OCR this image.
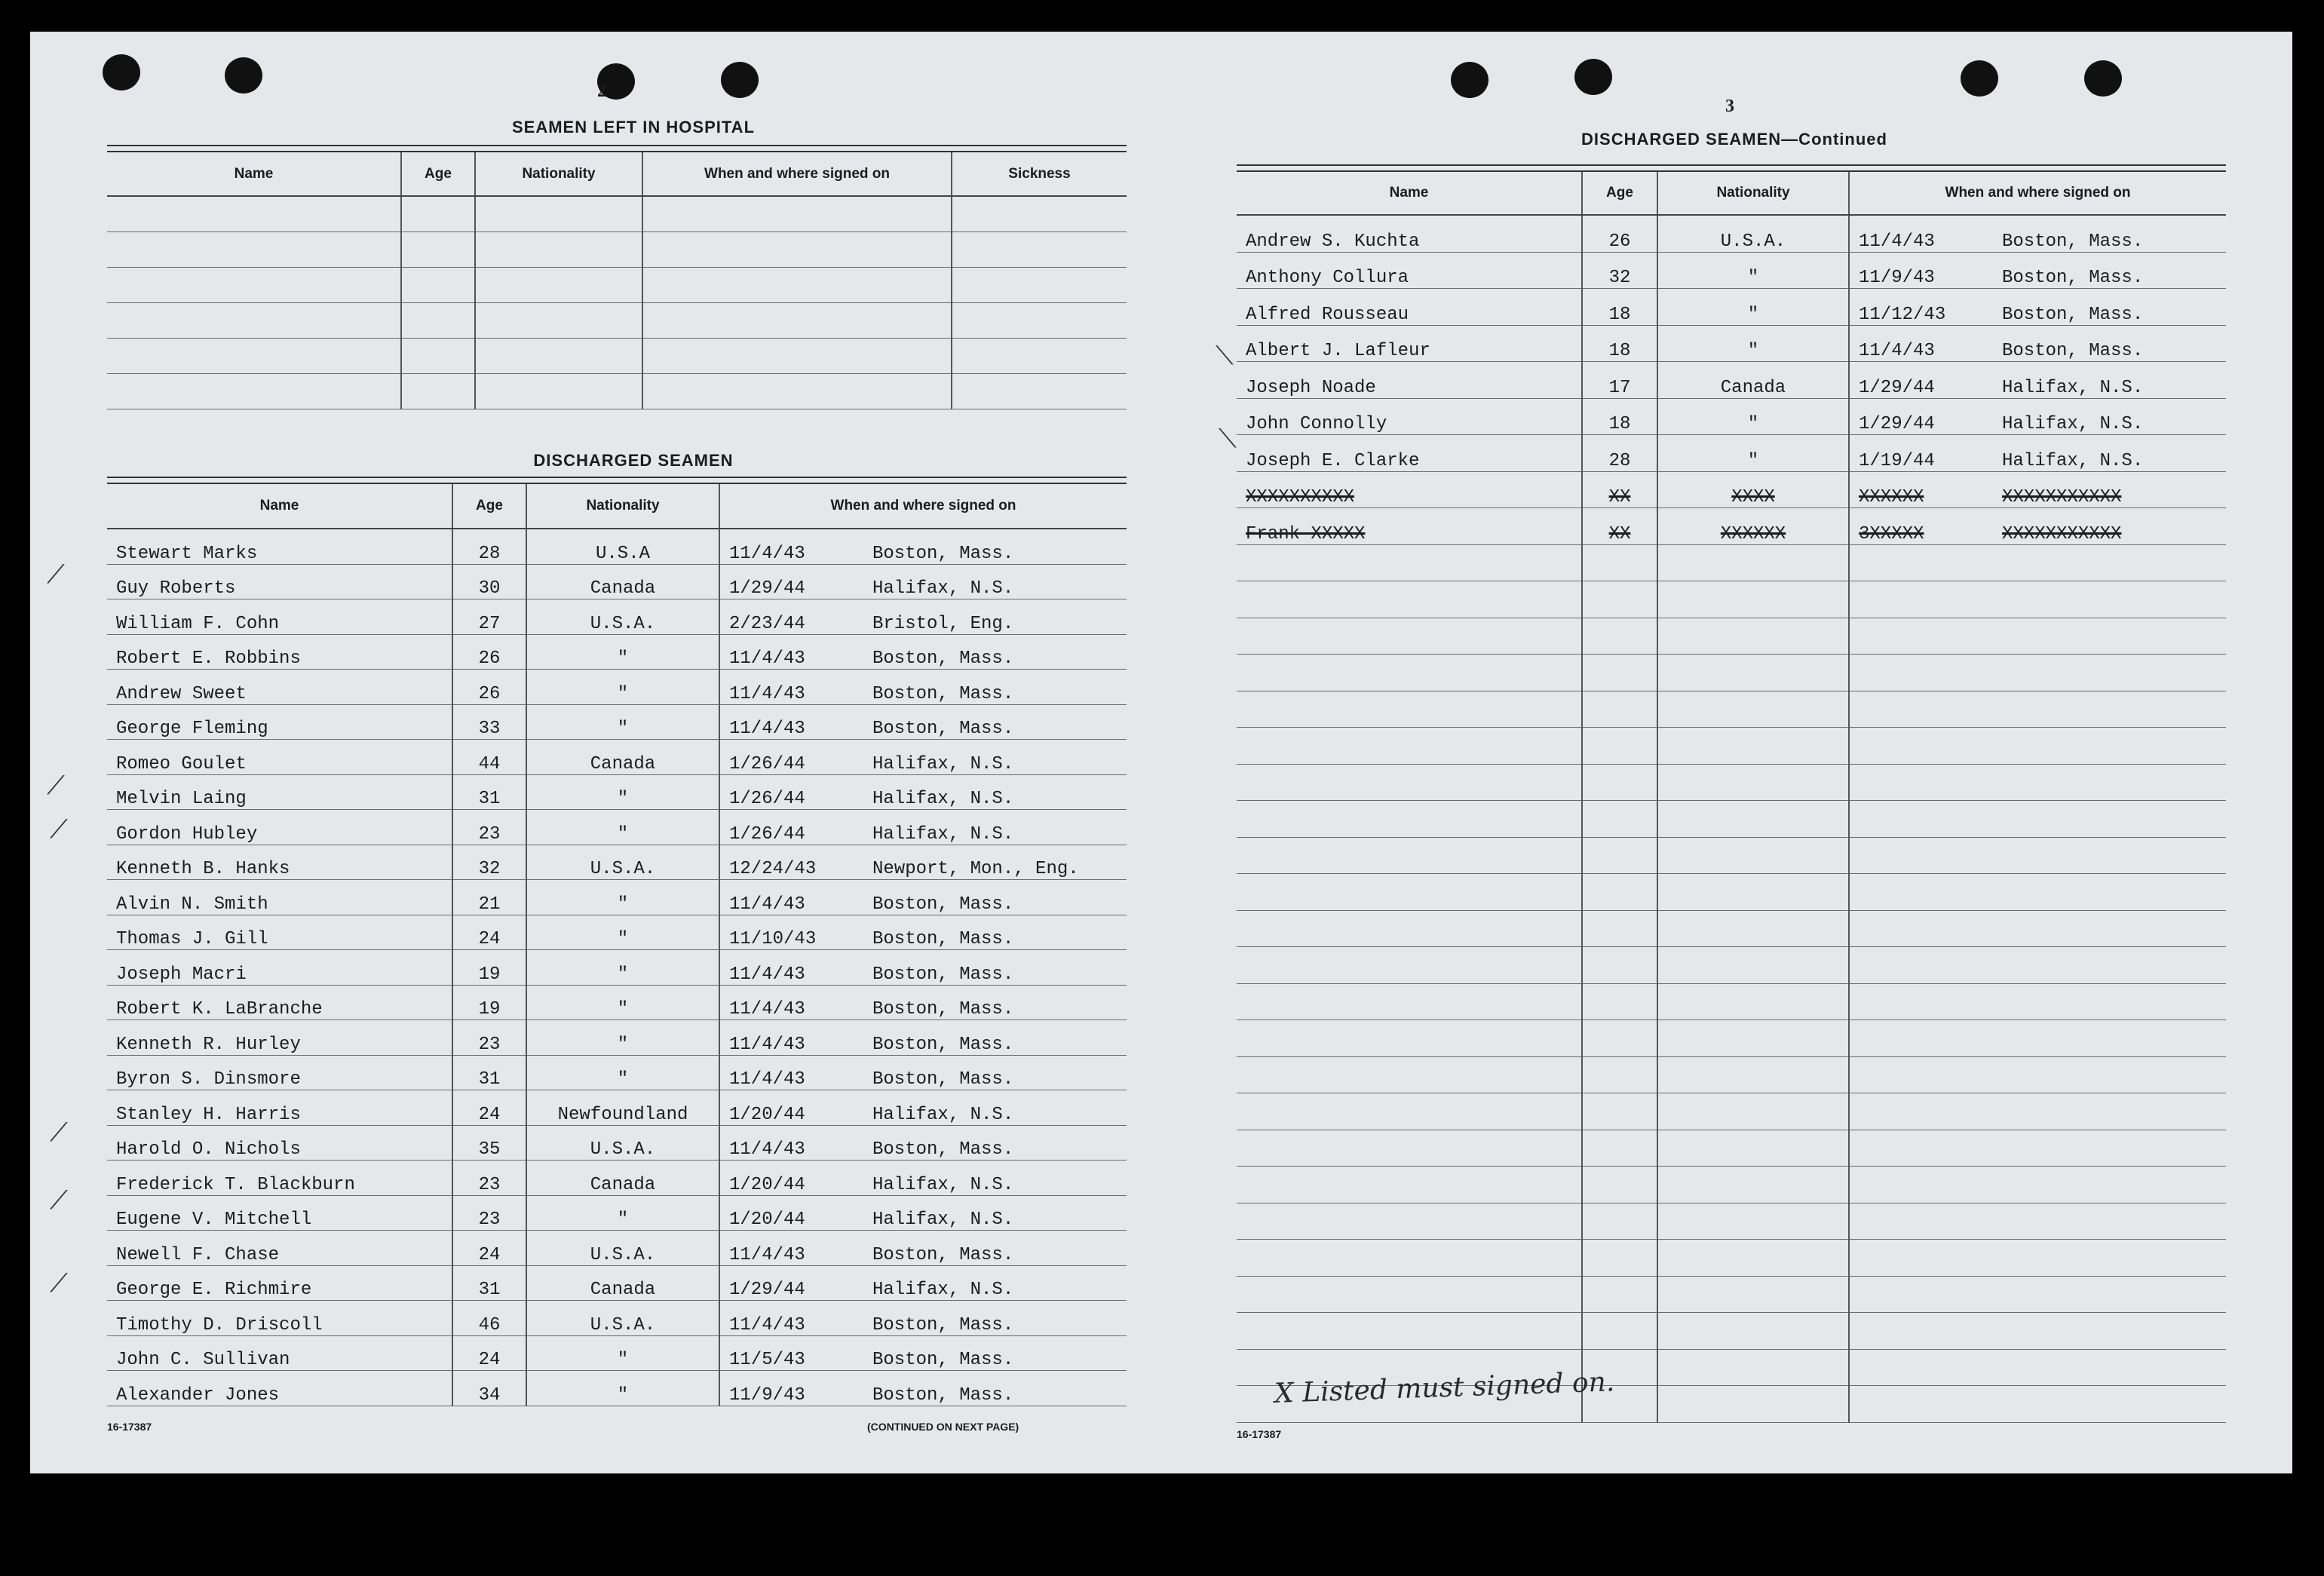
2
SEAMEN LEFT IN HOSPITAL
Name	Age	Nationality	When and where signed on	Sickness

DISCHARGED SEAMEN
Name	Age	Nationality	When and where signed on
Stewart Marks	28	U.S.A	11/4/43 Boston, Mass.

Guy Roberts	30	Canada	1/29/44 Halifax, N.S.

William F. Cohn	27	U.S.A.	2/23/44 Bristol, Eng.

Robert E. Robbins	26	"	11/4/43 Boston, Mass.

Andrew Sweet	26	"	11/4/43 Boston, Mass.

George Fleming	33	"	11/4/43 Boston, Mass.

Romeo Goulet	44	Canada	1/26/44 Halifax, N.S.

Melvin Laing	31	"	1/26/44 Halifax, N.S.

Gordon Hubley	23	"	1/26/44 Halifax, N.S.

Kenneth B. Hanks	32	U.S.A.	12/24/43 Newport, Mon., Eng.

Alvin N. Smith	21	"	11/4/43 Boston, Mass.

Thomas J. Gill	24	"	11/10/43 Boston, Mass.

Joseph Macri	19	"	11/4/43 Boston, Mass.

Robert K. LaBranche	19	"	11/4/43 Boston, Mass.

Kenneth R. Hurley	23	"	11/4/43 Boston, Mass.

Byron S. Dinsmore	31	"	11/4/43 Boston, Mass.

Stanley H. Harris	24	Newfoundland	1/20/44 Halifax, N.S.

Harold O. Nichols	35	U.S.A.	11/4/43 Boston, Mass.

Frederick T. Blackburn	23	Canada	1/20/44 Halifax, N.S.

Eugene V. Mitchell	23	"	1/20/44 Halifax, N.S.

Newell F. Chase	24	U.S.A.	11/4/43 Boston, Mass.

George E. Richmire	31	Canada	1/29/44 Halifax, N.S.

Timothy D. Driscoll	46	U.S.A.	11/4/43 Boston, Mass.

John C. Sullivan	24	"	11/5/43 Boston, Mass.

Alexander Jones	34	"	11/9/43 Boston, Mass.
16-17387	(CONTINUED ON NEXT PAGE)
⟋
⟋
⟋
⟋
⟋
⟋
3
DISCHARGED SEAMEN—Continued
Name	Age	Nationality	When and where signed on
Andrew S. Kuchta	26	U.S.A.	11/4/43 Boston, Mass.

Anthony Collura	32	"	11/9/43 Boston, Mass.

Alfred Rousseau	18	"	11/12/43 Boston, Mass.

Albert J. Lafleur	18	"	11/4/43 Boston, Mass.

Joseph Noade	17	Canada	1/29/44 Halifax, N.S.

John Connolly	18	"	1/29/44 Halifax, N.S.

Joseph E. Clarke	28	"	1/19/44 Halifax, N.S.

XXXXXXXXXX	XX	XXXX	XXXXXX XXXXXXXXXXX

Frank XXXXX	XX	XXXXXX	3XXXXX XXXXXXXXXXX

X Listed must signed on.
16-17387
⟍
⟍
